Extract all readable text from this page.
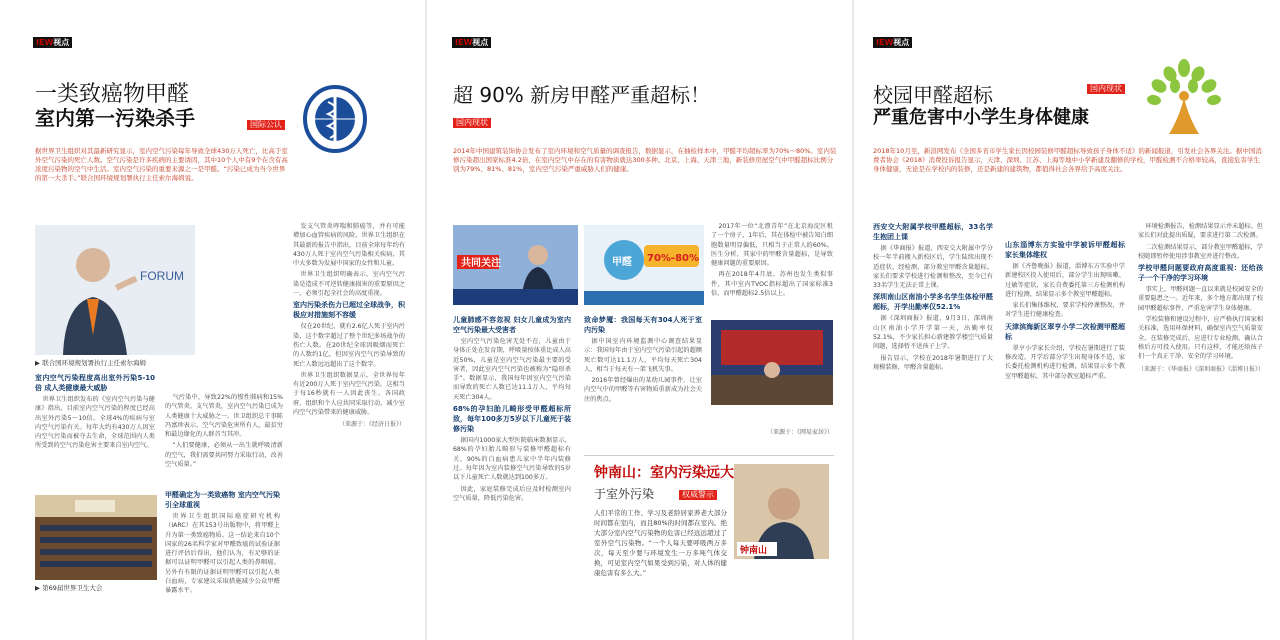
IEW视点
一类致癌物甲醛
室内第一污染杀手	国际公认
据世界卫生组织对其最新研究显示，室内空气污染每年导致全球430万人死亡，比高于室外空气污染的死亡人数。空气污染是许多疾病的主要诱因，其中10个人中有9个在含有高浓度污染物的空气中生活。室内空气污染的重要来源之一是甲醛。“污染已成为当今世界的第一大杀手。”联合国环境规划署执行主任索尔海姆说。
FORUM
▶ 联合国环境规划署执行主任索尔海姆

室内空气污染程度高出室外污染5-10倍 成人类健康最大威胁

世界卫生组织发布的《室内空气污染与健康》指出，目前室内空气污染的程度已经高出室外污染5～10倍。全球4%的疾病与室内空气污染有关。每年大约有430万人因室内空气污染而被夺去生命，全球范围内人类所受到的空气污染危害主要来自室内空气。

甲醛确定为一类致癌物 室内空气污染引全球重视

世界卫生组织国际癌症研究机构（IARC）在其153号出版物中，将甲醛上升为第一类致癌物质。这一结论来自10个国家的26名科学家对甲醛致癌的试验证据进行评估后得出，他们认为，有足够的证据可以证明甲醛可以引起人类的鼻咽癌。另外有有限的证据证明甲醛可以引起人类白血病，专家建议采取措施减少公众甲醛暴露水平。

▶ 第69届世界卫生大会

气污染中，导致22%的慢性肺病和15%的气管炎、支气管炎，室内空气污染已成为人类健康十大威胁之一。世卫组织总干事陈冯富珍表示，空气污染危害所有人，最贫穷和最边缘化的人群首当其冲。

“人们要健康，必须从一出生就呼吸清新的空气，我们需要共同努力采取行动，改善空气质量。”

发支气管炎哮喘和肺癌等，并有可能增加心血管疾病的风险，世界卫生组织在其最新的报告中指出，目前全球每年约有430万人死于室内空气污染相关疾病，其中大多数为发展中国家的女性和儿童。

世界卫生组织明确表示，室内空气污染是造成不可逆转健康损害的重要原因之一，必须引起全社会的高度重视。

室内污染杀伤力已超过全球战争，积极应对措施刻不容缓

仅在20世纪，就有2.6亿人死于室内污染，这个数字超过了整个世纪多场战争的伤亡人数。在20世纪全球因吸烟而死亡的人数约1亿，但因室内空气污染导致的死亡人数远远超出了这个数字。

世界卫生组织数据显示，全世界每年有近200万人死于室内空气污染，这相当于每16秒就有一人因此丧生。各国政府、组织和个人应共同采取行动，减少室内空气污染带来的健康威胁。

（来源于：《经济日报》）
IEW视点
超 90% 新房甲醛严重超标！
国内现状
2014年中国建筑装饰协会发布了室内环境和空气质量的调查报告，数据显示，在抽检样本中，甲醛平均超标率为70%～80%。室内装修污染超出国家标准4.2倍，在室内空气中存在的有害物质就达300多种。北京、上海、天津三地，新装修房屋空气中甲醛超标比例分别为79%、81%、81%，室内空气污染严重威胁人们的健康。
共同关注	甲醛 70%-80%

儿童肺感不容忽视 妇女儿童成为室内空气污染最大受害者

室内空气污染危害无处不在，儿童由于身体正处在发育期，呼吸量按体重比成人高近50%，儿童是室内空气污染最主要的受害者，因此室内空气污染也被称为“隐形杀手”。数据显示，我国每年因室内空气污染而导致的死亡人数已达11.1万人，平均每天死亡304人。

68%的孕妇胎儿畸形受甲醛超标所致，每年100多万5岁以下儿童死于装修污染

据国内1000家大型医院临床数据显示，68%的孕妇胎儿畸形与装修甲醛超标有关，90%的白血病患儿家中半年内装修过。每年因为室内装修空气污染导致的5岁以下儿童死亡人数就达到100多万。

因此，家庭装修完成后应及时检测室内空气质量，降低污染危害。

致命梦魇：我国每天有304人死于室内污染

据中国室内环境监测中心调查结果显示：我国每年由于室内空气污染引起的超额死亡数可达11.1万人，平均每天死亡304人，相当于每天有一架飞机失事。

2016年曾经爆出的某幼儿园事件，让室内空气中的甲醛等有害物质重新成为社会关注的焦点。

2017年一位“北漂青年”在北京海淀区租了一个房子，1年后，其在体检中被告知白细胞数量明显偏低，只相当于正常人的60%。医生分析，其家中的甲醛含量超标，是导致健康问题的重要原因。

再在2018年4月底，苏州也发生类似事件，其中室内TVOC指标超出了国家标准3倍，而甲醛超标2.5倍以上。

（来源于：《网易家居》）
钟南山：室内污染远大
于室外污染	权威警示
钟南山
人们平常的工作、学习及老龄居家养老大部分时间都在室内，而且80%的时间都在室内。绝大部分室内空气污染物的危害已经远远超过了室外空气污染物。“一个人每天要呼吸两万多次，每天至少要与环境发生一万多吨气体交换，可见室内空气如果受到污染，对人体的健康危害有多么大。”
IEW视点
校园甲醛超标
严重危害中小学生身体健康
国内现状
2018年10月至，新浪网发布《全国多省市学生家长因校园装修甲醛超标导致孩子身体不适》的新闻报道，引发社会各界关注。据中国消费者协会《2018》消费投诉报告显示，天津、深圳、江苏、上海等地中小学新建及翻修的学校，甲醛检测不合格率较高，直接危害学生身体健康，无论是在学校内的装修，还是新建的建筑物，都值得社会各界给予高度关注。

西安交大附属学校甲醛超标，33名学生抱团上课

据《华商报》报道，西安交大附属中学分校一年半前搬入新校区后，学生陆续出现不适症状，经检测，部分教室甲醛含量超标。家长们要求学校进行检测和整改，至今已有33名学生无法正常上课。

深圳南山区南油小学多名学生体检甲醛超标，开学出勤率仅52.1%

据《深圳商报》报道，9月3日，深圳南山区南油小学开学第一天，出勤率仅52.1%，不少家长担心新建教学楼空气质量问题，选择暂不送孩子上学。

报告显示，学校在2018年暑期进行了大规模装修，甲醛含量超标。

山东淄博东方实验中学被诉甲醛超标 家长集体维权

据《齐鲁晚报》报道，淄博东方实验中学新建校区投入使用后，部分学生出现咳嗽、过敏等症状，家长自费委托第三方检测机构进行检测，结果显示多个教室甲醛超标。

家长们集体维权，要求学校停课整改，并对学生进行健康检查。

天津滨海新区翠亨小学二次检测甲醛超标

翠亨小学家长介绍，学校在暑期进行了装修改造，开学后部分学生出现身体不适，家长委托检测机构进行检测，结果显示多个教室甲醛超标，其中部分教室超标严重。

环境检测报告，检测结果显示并未超标。但家长们对此提出质疑，要求进行第二次检测。

二次检测结果显示，部分教室甲醛超标，学校随即暂停使用涉事教室并进行整改。

学校甲醛问题要政府高度重视：还给孩子一个干净的学习环境

事实上，甲醛问题一直以来就是校园安全的重要隐患之一。近年来，多个地方都出现了校园甲醛超标事件，严重危害学生身体健康。

学校装修和建设过程中，应严格执行国家相关标准，选用环保材料，确保室内空气质量安全。在装修完成后，应进行专业检测，确认合格后方可投入使用。只有这样，才能还给孩子们一个真正干净、安全的学习环境。

（来源于：《华商报》《深圳商报》《淄博日报》）
